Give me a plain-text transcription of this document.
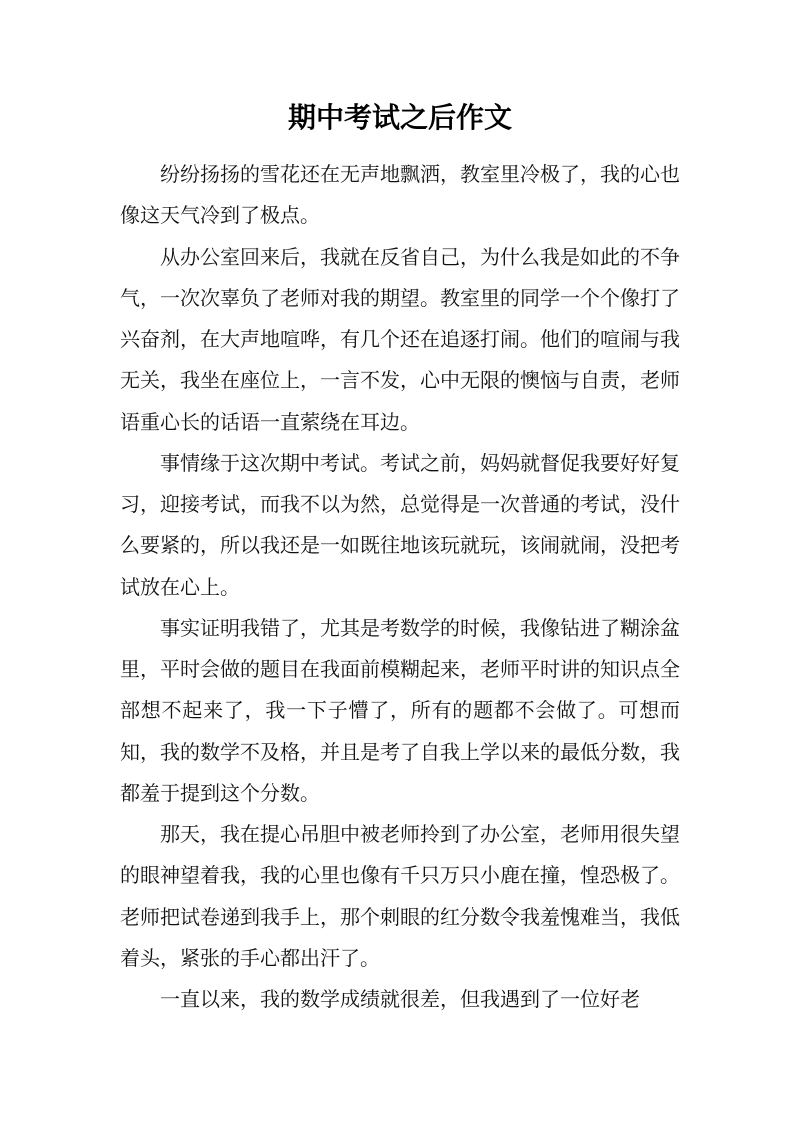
期中考试之后作文

纷纷扬扬的雪花还在无声地飘洒，教室里冷极了，我的心也像这天气冷到了极点。

从办公室回来后，我就在反省自己，为什么我是如此的不争气，一次次辜负了老师对我的期望。教室里的同学一个个像打了兴奋剂，在大声地喧哗，有几个还在追逐打闹。他们的喧闹与我无关，我坐在座位上，一言不发，心中无限的懊恼与自责，老师语重心长的话语一直萦绕在耳边。

事情缘于这次期中考试。考试之前，妈妈就督促我要好好复习，迎接考试，而我不以为然，总觉得是一次普通的考试，没什么要紧的，所以我还是一如既往地该玩就玩，该闹就闹，没把考试放在心上。

事实证明我错了，尤其是考数学的时候，我像钻进了糊涂盆里，平时会做的题目在我面前模糊起来，老师平时讲的知识点全部想不起来了，我一下子懵了，所有的题都不会做了。可想而知，我的数学不及格，并且是考了自我上学以来的最低分数，我都羞于提到这个分数。

那天，我在提心吊胆中被老师拎到了办公室，老师用很失望的眼神望着我，我的心里也像有千只万只小鹿在撞，惶恐极了。老师把试卷递到我手上，那个刺眼的红分数令我羞愧难当，我低着头，紧张的手心都出汗了。

一直以来，我的数学成绩就很差，但我遇到了一位好老
